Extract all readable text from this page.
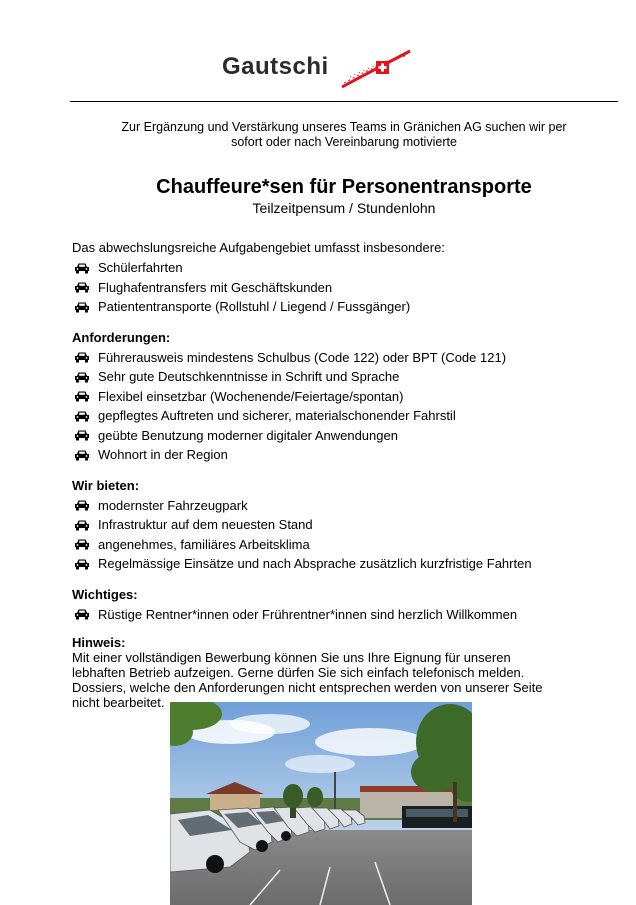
Gautschi
Zur Ergänzung und Verstärkung unseres Teams in Gränichen AG suchen wir per
sofort oder nach Vereinbarung motivierte
Chauffeure*sen für Personentransporte
Teilzeitpensum / Stundenlohn

Das abwechslungsreiche Aufgabengebiet umfasst insbesondere:

Schülerfahrten
Flughafentransfers mit Geschäftskunden
Patiententransporte (Rollstuhl / Liegend / Fussgänger)

Anforderungen:

Führerausweis mindestens Schulbus (Code 122) oder BPT (Code 121)
Sehr gute Deutschkenntnisse in Schrift und Sprache
Flexibel einsetzbar (Wochenende/Feiertage/spontan)
gepflegtes Auftreten und sicherer, materialschonender Fahrstil
geübte Benutzung moderner digitaler Anwendungen
Wohnort in der Region

Wir bieten:

modernster Fahrzeugpark
Infrastruktur auf dem neuesten Stand
angenehmes, familiäres Arbeitsklima
Regelmässige Einsätze und nach Absprache zusätzlich kurzfristige Fahrten

Wichtiges:

Rüstige Rentner*innen oder Frührentner*innen sind herzlich Willkommen

Hinweis:

Mit einer vollständigen Bewerbung können Sie uns Ihre Eignung für unseren

lebhaften Betrieb aufzeigen. Gerne dürfen Sie sich einfach telefonisch melden.

Dossiers, welche den Anforderungen nicht entsprechen werden von unserer Seite

nicht bearbeitet.
